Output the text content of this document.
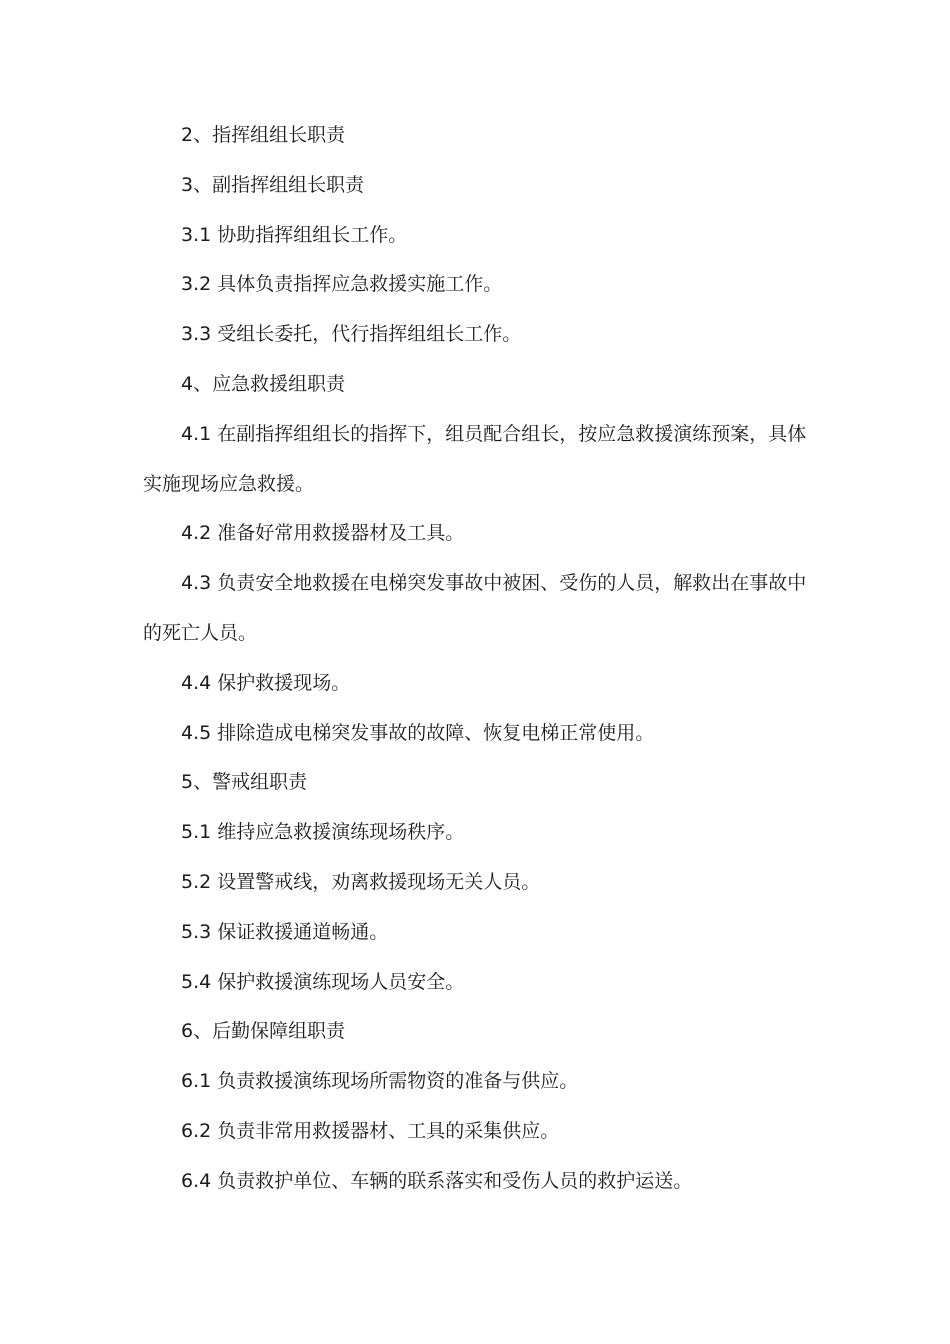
2、指挥组组长职责

3、副指挥组组长职责

3.1 协助指挥组组长工作。

3.2 具体负责指挥应急救援实施工作。

3.3 受组长委托，代行指挥组组长工作。

4、应急救援组职责

4.1 在副指挥组组长的指挥下，组员配合组长，按应急救援演练预案，具体实施现场应急救援。

4.2 准备好常用救援器材及工具。

4.3 负责安全地救援在电梯突发事故中被困、受伤的人员，解救出在事故中的死亡人员。

4.4 保护救援现场。

4.5 排除造成电梯突发事故的故障、恢复电梯正常使用。

5、警戒组职责

5.1 维持应急救援演练现场秩序。

5.2 设置警戒线，劝离救援现场无关人员。

5.3 保证救援通道畅通。

5.4 保护救援演练现场人员安全。

6、后勤保障组职责

6.1 负责救援演练现场所需物资的准备与供应。

6.2 负责非常用救援器材、工具的采集供应。

6.4 负责救护单位、车辆的联系落实和受伤人员的救护运送。
